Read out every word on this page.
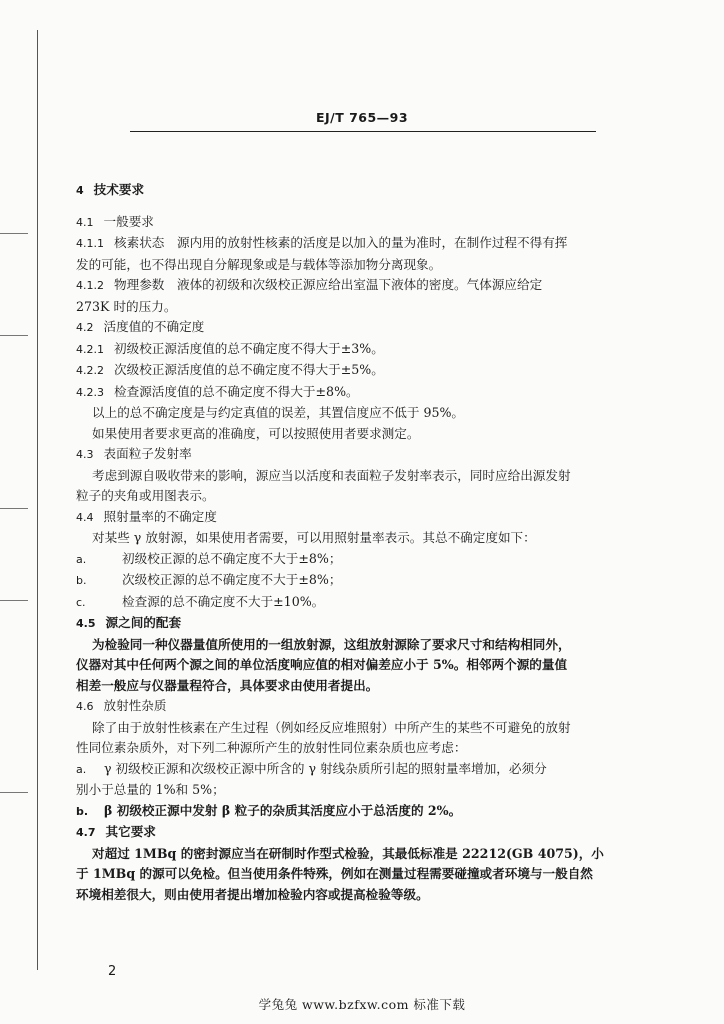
EJ/T 765—93
4 技术要求
4.1 一般要求
4.1.1 核素状态　源内用的放射性核素的活度是以加入的量为准时，在制作过程不得有挥
发的可能，也不得出现自分解现象或是与载体等添加物分离现象。
4.1.2 物理参数　液体的初级和次级校正源应给出室温下液体的密度。气体源应给定
273K 时的压力。
4.2 活度值的不确定度
4.2.1 初级校正源活度值的总不确定度不得大于±3%。
4.2.2 次级校正源活度值的总不确定度不得大于±5%。
4.2.3 检查源活度值的总不确定度不得大于±8%。
以上的总不确定度是与约定真值的误差，其置信度应不低于 95%。
如果使用者要求更高的准确度，可以按照使用者要求测定。
4.3 表面粒子发射率
考虑到源自吸收带来的影响，源应当以活度和表面粒子发射率表示，同时应给出源发射
粒子的夹角或用图表示。
4.4 照射量率的不确定度
对某些 γ 放射源，如果使用者需要，可以用照射量率表示。其总不确定度如下：
a.	初级校正源的总不确定度不大于±8%；
b.	次级校正源的总不确定度不大于±8%；
c.	检查源的总不确定度不大于±10%。
4.5 源之间的配套
为检验同一种仪器量值所使用的一组放射源，这组放射源除了要求尺寸和结构相同外，
仪器对其中任何两个源之间的单位活度响应值的相对偏差应小于 5%。相邻两个源的量值
相差一般应与仪器量程符合，具体要求由使用者提出。
4.6 放射性杂质
除了由于放射性核素在产生过程（例如经反应堆照射）中所产生的某些不可避免的放射
性同位素杂质外，对下列二种源所产生的放射性同位素杂质也应考虑：
a. γ 初级校正源和次级校正源中所含的 γ 射线杂质所引起的照射量率增加，必须分
别小于总量的 1%和 5%；
b. β 初级校正源中发射 β 粒子的杂质其活度应小于总活度的 2%。
4.7 其它要求
对超过 1MBq 的密封源应当在研制时作型式检验，其最低标准是 22212(GB 4075)，小
于 1MBq 的源可以免检。但当使用条件特殊，例如在测量过程需要碰撞或者环境与一般自然
环境相差很大，则由使用者提出增加检验内容或提高检验等级。
2
学兔兔 www.bzfxw.com 标准下载
